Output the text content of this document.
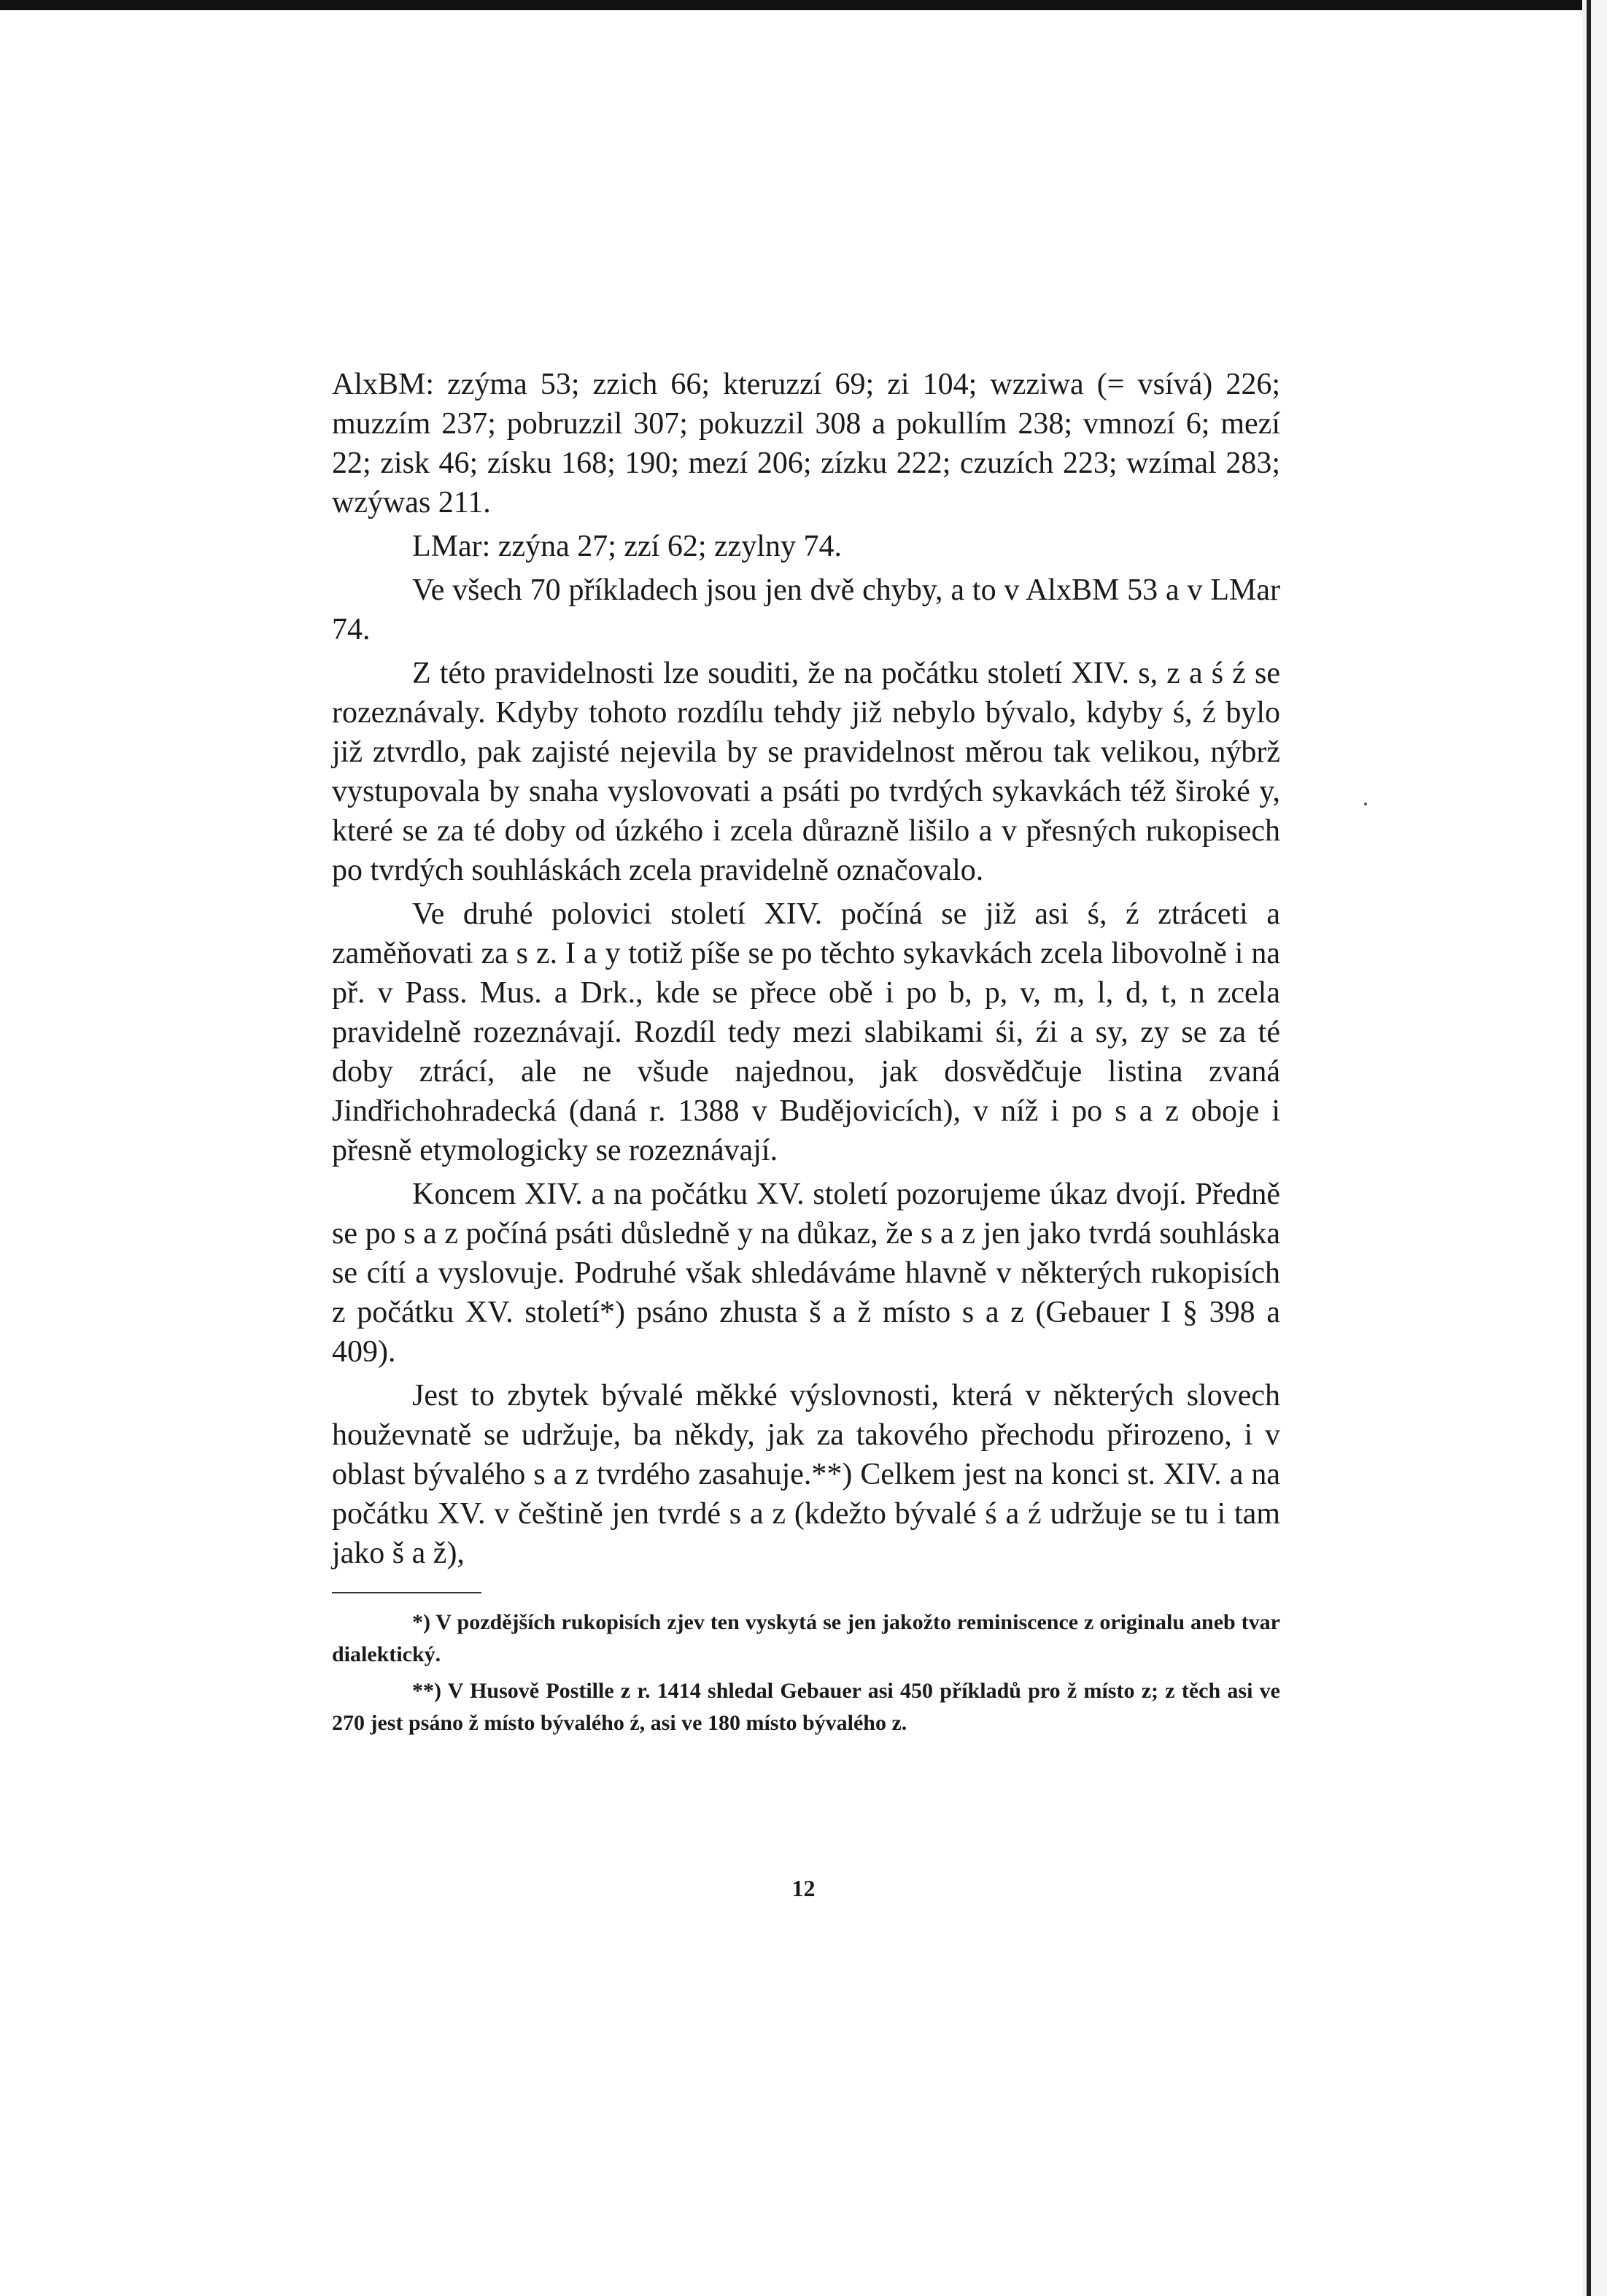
AlxBM: zzýma 53; zzich 66; kteruzzí 69; zi 104; wzziwa (= vsívá) 226; muzzím 237; pobruzzil 307; pokuzzil 308 a pokullím 238; vmnozí 6; mezí 22; zisk 46; získu 168; 190; mezí 206; zízku 222; czuzích 223; wzímal 283; wzýwas 211.

LMar: zzýna 27; zzí 62; zzylny 74.

Ve všech 70 příkladech jsou jen dvě chyby, a to v AlxBM 53 a v LMar 74.

Z této pravidelnosti lze souditi, že na počátku století XIV. s, z a ś ź se rozeznávaly. Kdyby tohoto rozdílu tehdy již nebylo bývalo, kdyby ś, ź bylo již ztvrdlo, pak zajisté nejevila by se pravidelnost měrou tak velikou, nýbrž vystupovala by snaha vyslovovati a psáti po tvrdých sykavkách též široké y, které se za té doby od úzkého i zcela důrazně lišilo a v přesných rukopisech po tvrdých souhláskách zcela pravidelně označovalo.

Ve druhé polovici století XIV. počíná se již asi ś, ź ztráceti a zaměňovati za s z. I a y totiž píše se po těchto sykavkách zcela libovolně i na př. v Pass. Mus. a Drk., kde se přece obě i po b, p, v, m, l, d, t, n zcela pravidelně rozeznávají. Rozdíl tedy mezi slabikami śi, źi a sy, zy se za té doby ztrácí, ale ne všude najednou, jak dosvědčuje listina zvaná Jindřichohradecká (daná r. 1388 v Budějovicích), v níž i po s a z oboje i přesně etymologicky se rozeznávají.

Koncem XIV. a na počátku XV. století pozorujeme úkaz dvojí. Předně se po s a z počíná psáti důsledně y na důkaz, že s a z jen jako tvrdá souhláska se cítí a vyslovuje. Podruhé však shledáváme hlavně v některých rukopisích z počátku XV. století*) psáno zhusta š a ž místo s a z (Gebauer I § 398 a 409).

Jest to zbytek bývalé měkké výslovnosti, která v některých slovech houževnatě se udržuje, ba někdy, jak za takového přechodu přirozeno, i v oblast bývalého s a z tvrdého zasahuje.**) Celkem jest na konci st. XIV. a na počátku XV. v češtině jen tvrdé s a z (kdežto bývalé ś a ź udržuje se tu i tam jako š a ž),

*) V pozdějších rukopisích zjev ten vyskytá se jen jakožto reminiscence z originalu aneb tvar dialektický.

**) V Husově Postille z r. 1414 shledal Gebauer asi 450 příkladů pro ž místo z; z těch asi ve 270 jest psáno ž místo bývalého ź, asi ve 180 místo bývalého z.

12
